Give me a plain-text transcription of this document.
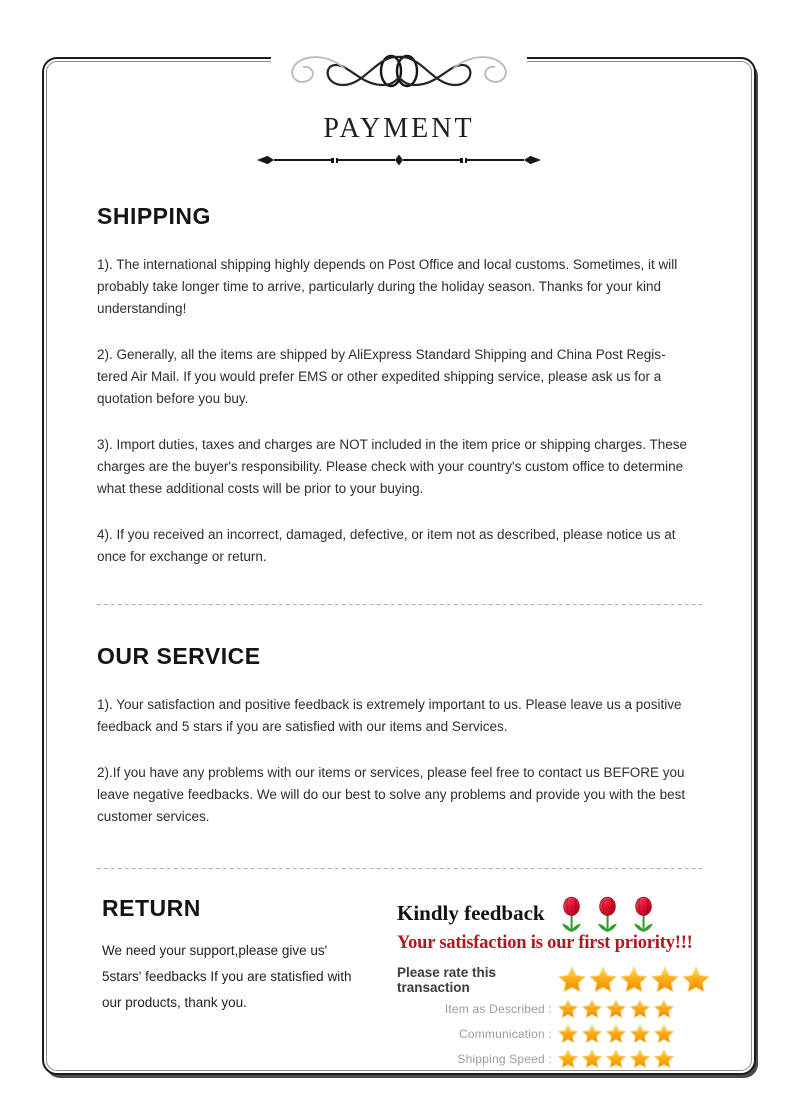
PAYMENT
SHIPPING

1). The international shipping highly depends on Post Office and local customs. Sometimes, it will probably take longer time to arrive, particularly during the holiday season. Thanks for your kind understanding!

2). Generally, all the items are shipped by AliExpress Standard Shipping and China Post Registered Air Mail. If you would prefer EMS or other expedited shipping service, please ask us for a quotation before you buy.

3). Import duties, taxes and charges are NOT included in the item price or shipping charges. These charges are the buyer's responsibility. Please check with your country's custom office to determine what these additional costs will be prior to your buying.

4). If you received an incorrect, damaged, defective, or item not as described, please notice us at once for exchange or return.

OUR SERVICE

1). Your satisfaction and positive feedback is extremely important to us. Please leave us a positive feedback and 5 stars if you are satisfied with our items and Services.

2).If you have any problems with our items or services, please feel free to contact us BEFORE you leave negative feedbacks. We will do our best to solve any problems and provide you with the best customer services.

RETURN

We need your support,please give us' 5stars' feedbacks If you are statisfied with our products, thank you.

Kindly feedback
Your satisfaction is our first priority!!!
Please rate this transaction
Item as Described :
Communication :
Shipping Speed :
